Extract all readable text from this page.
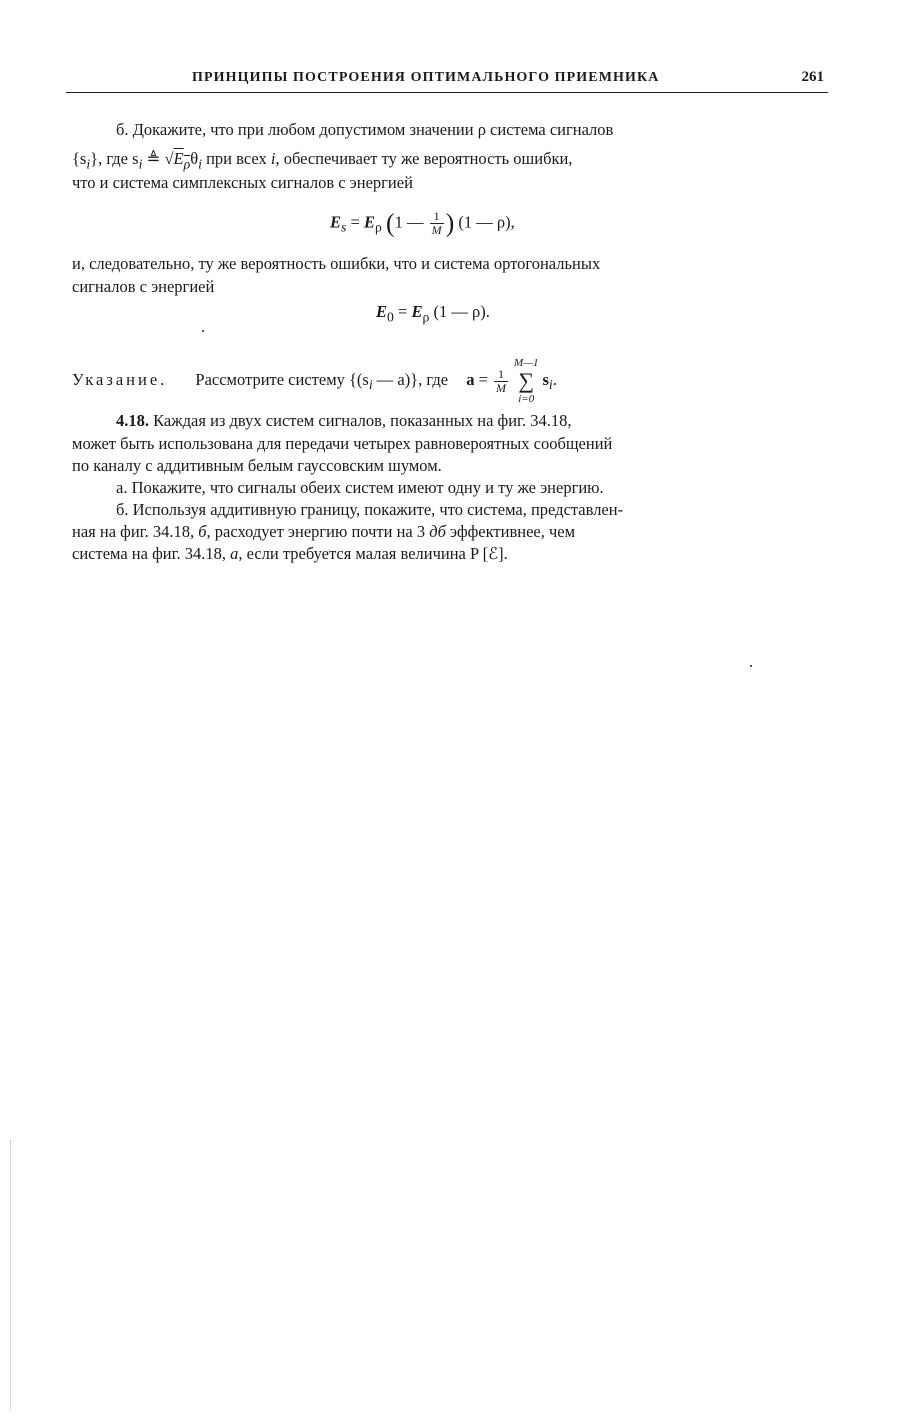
ПРИНЦИПЫ ПОСТРОЕНИЯ ОПТИМАЛЬНОГО ПРИЕМНИКА	261
б. Докажите, что при любом допустимом значении ρ система сигналов
$\{s_i\}$, где $s_i$ ≜ $√E_\rho\theta_i$ при всех i, обеспечивает ту же вероятность ошибки,
что и система симплексных сигналов с энергией
$E_s = E_\rho$ (1 — $\frac{1}{M}$ ) (1 — ρ),
и, следовательно, ту же вероятность ошибки, что и система ортогональных
сигналов с энергией
$E_0 = E_\rho$ (1 — ρ).
Указание. Рассмотрите систему {($s_i$ — a)}, где $a = \frac{1}{M}$
M—1
∑
i=0
$s_i$.
4.18. Каждая из двух систем сигналов, показанных на фиг. 34.18,
может быть использована для передачи четырех равновероятных сообщений
по каналу с аддитивным белым гауссовским шумом.
а. Покажите, что сигналы обеих систем имеют одну и ту же энергию.
б. Используя аддитивную границу, покажите, что система, представлен-
ная на фиг. 34.18, б, расходует энергию почти на 3 дб эффективнее, чем
система на фиг. 34.18, а, если требуется малая величина P [ℰ].
